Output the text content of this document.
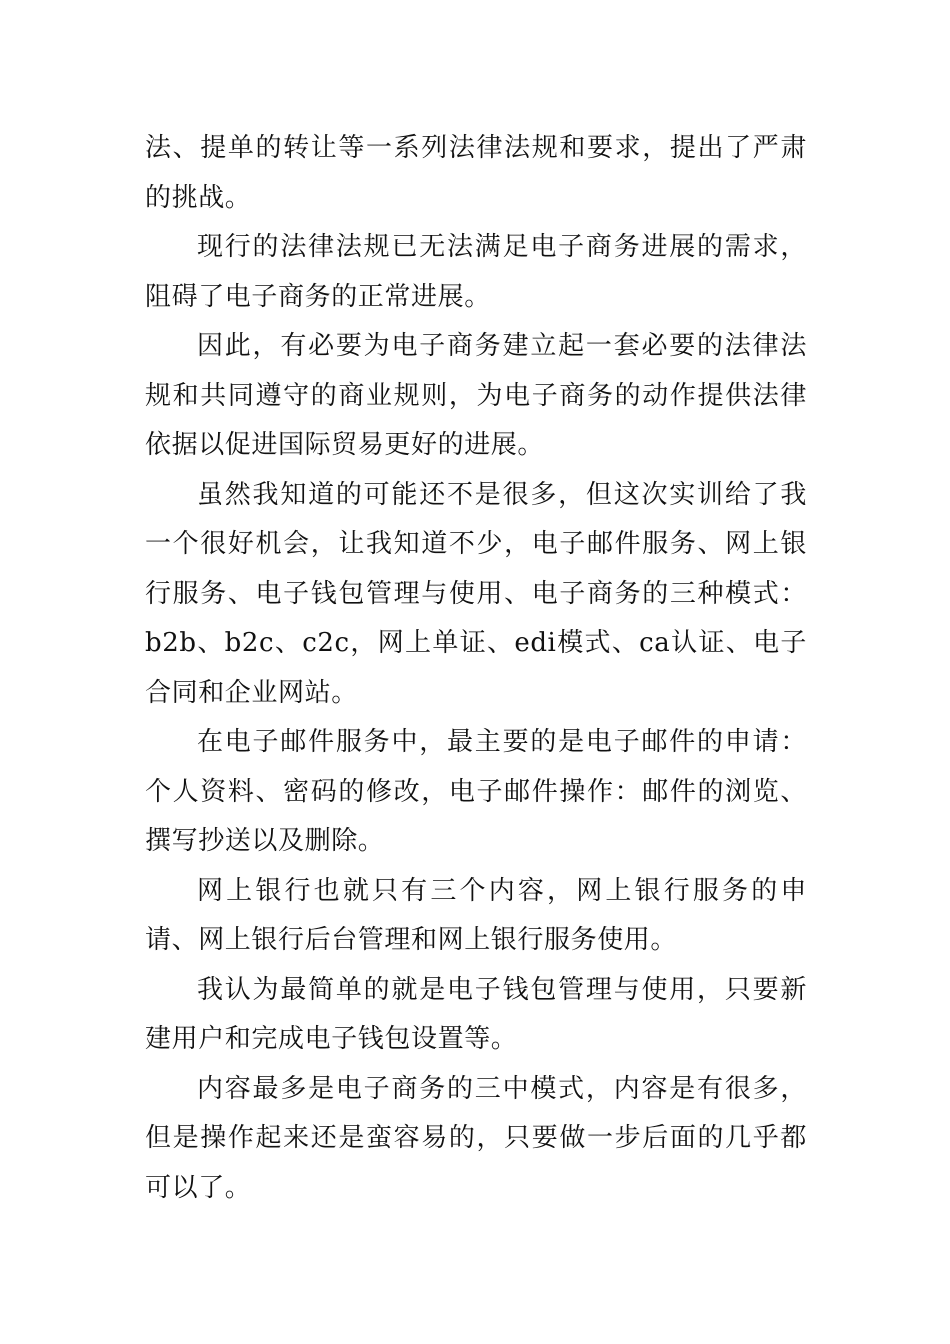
法、提单的转让等一系列法律法规和要求，提出了严肃的挑战。

现行的法律法规已无法满足电子商务进展的需求，阻碍了电子商务的正常进展。

因此，有必要为电子商务建立起一套必要的法律法规和共同遵守的商业规则，为电子商务的动作提供法律依据以促进国际贸易更好的进展。

虽然我知道的可能还不是很多，但这次实训给了我一个很好机会，让我知道不少，电子邮件服务、网上银行服务、电子钱包管理与使用、电子商务的三种模式：b2b、b2c、c2c，网上单证、edi模式、ca认证、电子合同和企业网站。

在电子邮件服务中，最主要的是电子邮件的申请：个人资料、密码的修改，电子邮件操作：邮件的浏览、撰写抄送以及删除。

网上银行也就只有三个内容，网上银行服务的申请、网上银行后台管理和网上银行服务使用。

我认为最简单的就是电子钱包管理与使用，只要新建用户和完成电子钱包设置等。

内容最多是电子商务的三中模式，内容是有很多，但是操作起来还是蛮容易的，只要做一步后面的几乎都可以了。
